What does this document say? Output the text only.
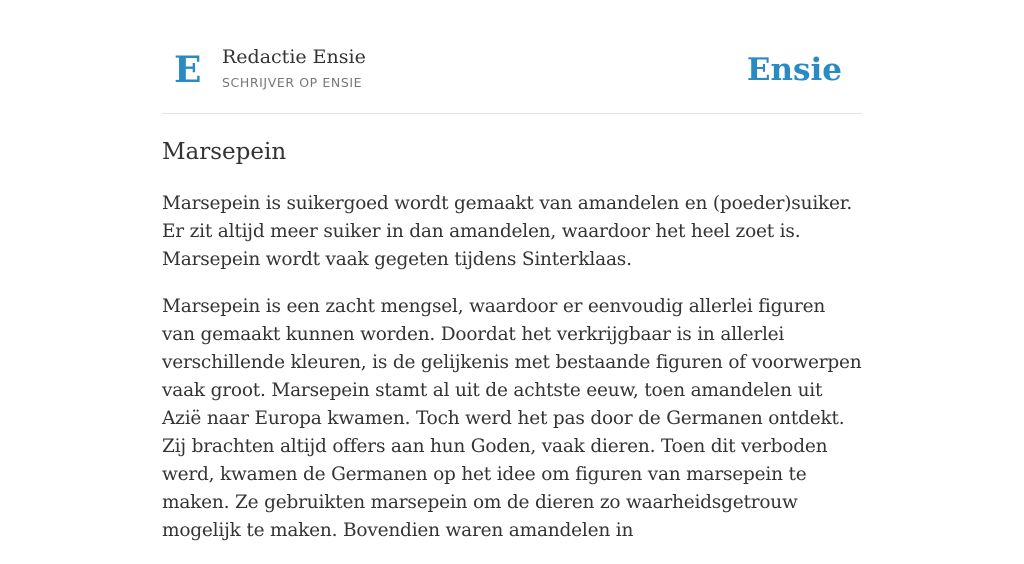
E Redactie Ensie
SCHRIJVER OP ENSIE	Ensie
Marsepein

Marsepein is suikergoed wordt gemaakt van amandelen en (poeder)suiker. Er zit altijd meer suiker in dan amandelen, waardoor het heel zoet is. Marsepein wordt vaak gegeten tijdens Sinterklaas.

Marsepein is een zacht mengsel, waardoor er eenvoudig allerlei figuren van gemaakt kunnen worden. Doordat het verkrijgbaar is in allerlei verschillende kleuren, is de gelijkenis met bestaande figuren of voorwerpen vaak groot. Marsepein stamt al uit de achtste eeuw, toen amandelen uit Azië naar Europa kwamen. Toch werd het pas door de Germanen ontdekt. Zij brachten altijd offers aan hun Goden, vaak dieren. Toen dit verboden werd, kwamen de Germanen op het idee om figuren van marsepein te maken. Ze gebruikten marsepein om de dieren zo waarheidsgetrouw mogelijk te maken. Bovendien waren amandelen in
